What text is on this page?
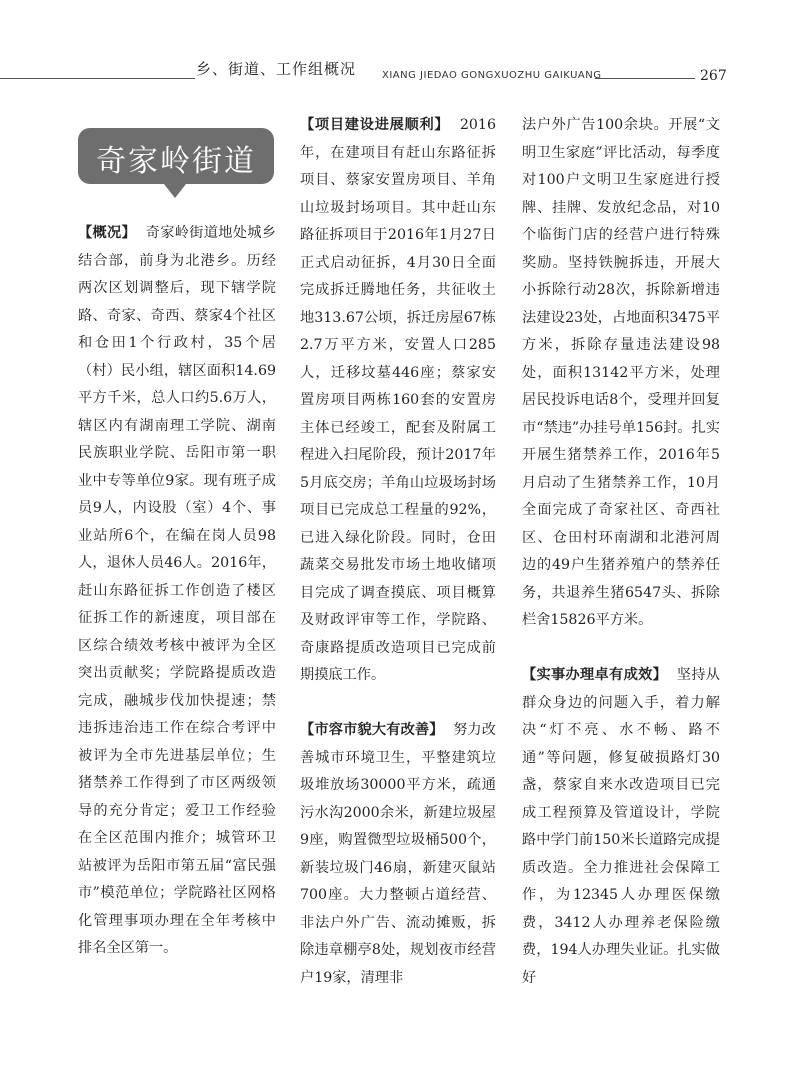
乡、街道、工作组概况	XIANG JIEDAO GONGXUOZHU GAIKUANG	267
奇家岭街道

【概况】 奇家岭街道地处城乡结合部，前身为北港乡。历经两次区划调整后，现下辖学院路、奇家、奇西、蔡家4个社区和仓田1个行政村，35个居（村）民小组，辖区面积14.69平方千米，总人口约5.6万人，辖区内有湖南理工学院、湖南民族职业学院、岳阳市第一职业中专等单位9家。现有班子成员9人，内设股（室）4个、事业站所6个，在编在岗人员98人，退休人员46人。2016年，赶山东路征拆工作创造了楼区征拆工作的新速度，项目部在区综合绩效考核中被评为全区突出贡献奖；学院路提质改造完成，融城步伐加快提速；禁违拆违治违工作在综合考评中被评为全市先进基层单位；生猪禁养工作得到了市区两级领导的充分肯定；爱卫工作经验在全区范围内推介；城管环卫站被评为岳阳市第五届“富民强市”模范单位；学院路社区网格化管理事项办理在全年考核中排名全区第一。

【项目建设进展顺利】 2016年，在建项目有赶山东路征拆项目、蔡家安置房项目、羊角山垃圾封场项目。其中赶山东路征拆项目于2016年1月27日正式启动征拆，4月30日全面完成拆迁腾地任务，共征收土地313.67公顷，拆迁房屋67栋2.7万平方米，安置人口285人，迁移坟墓446座；蔡家安置房项目两栋160套的安置房主体已经竣工，配套及附属工程进入扫尾阶段，预计2017年5月底交房；羊角山垃圾场封场项目已完成总工程量的92%，已进入绿化阶段。同时，仓田蔬菜交易批发市场土地收储项目完成了调查摸底、项目概算及财政评审等工作，学院路、奇康路提质改造项目已完成前期摸底工作。

【市容市貌大有改善】 努力改善城市环境卫生，平整建筑垃圾堆放场30000平方米，疏通污水沟2000余米，新建垃圾屋9座，购置微型垃圾桶500个，新装垃圾门46扇，新建灭鼠站700座。大力整顿占道经营、非法户外广告、流动摊贩，拆除违章棚亭8处，规划夜市经营户19家，清理非

法户外广告100余块。开展“文明卫生家庭”评比活动，每季度对100户文明卫生家庭进行授牌、挂牌、发放纪念品，对10个临街门店的经营户进行特殊奖励。坚持铁腕拆违，开展大小拆除行动28次，拆除新增违法建设23处，占地面积3475平方米，拆除存量违法建设98处，面积13142平方米，处理居民投诉电话8个，受理并回复市“禁违”办挂号单156封。扎实开展生猪禁养工作，2016年5月启动了生猪禁养工作，10月全面完成了奇家社区、奇西社区、仓田村环南湖和北港河周边的49户生猪养殖户的禁养任务，共退养生猪6547头、拆除栏舍15826平方米。

【实事办理卓有成效】 坚持从群众身边的问题入手，着力解决“灯不亮、水不畅、路不通”等问题，修复破损路灯30盏，蔡家自来水改造项目已完成工程预算及管道设计，学院路中学门前150米长道路完成提质改造。全力推进社会保障工作，为12345人办理医保缴费，3412人办理养老保险缴费，194人办理失业证。扎实做好
